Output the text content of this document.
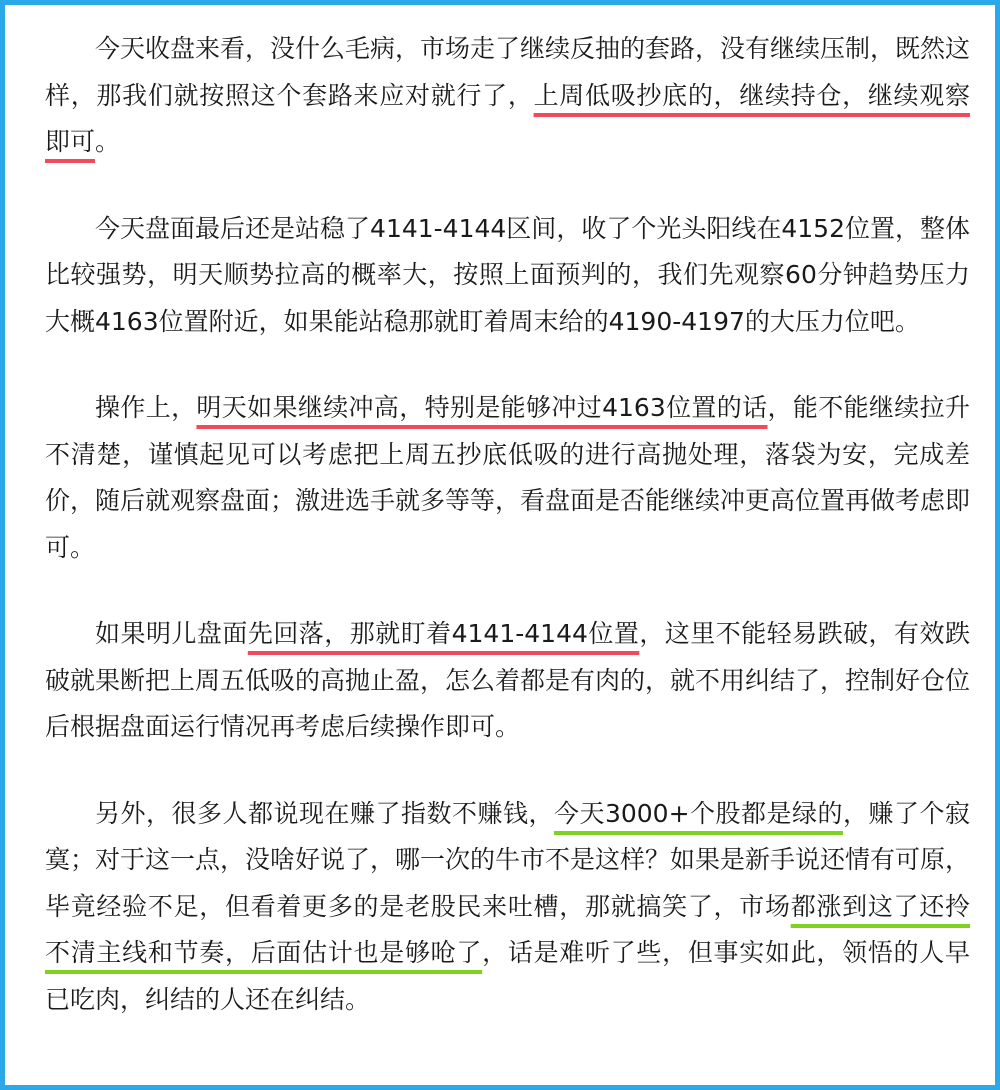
今天收盘来看，没什么毛病，市场走了继续反抽的套路，没有继续压制，既然这样，那我们就按照这个套路来应对就行了，上周低吸抄底的，继续持仓，继续观察即可。

今天盘面最后还是站稳了4141-4144区间，收了个光头阳线在4152位置，整体比较强势，明天顺势拉高的概率大，按照上面预判的，我们先观察60分钟趋势压力大概4163位置附近，如果能站稳那就盯着周末给的4190-4197的大压力位吧。

操作上，明天如果继续冲高，特别是能够冲过4163位置的话，能不能继续拉升不清楚，谨慎起见可以考虑把上周五抄底低吸的进行高抛处理，落袋为安，完成差价，随后就观察盘面；激进选手就多等等，看盘面是否能继续冲更高位置再做考虑即可。

如果明儿盘面先回落，那就盯着4141-4144位置，这里不能轻易跌破，有效跌破就果断把上周五低吸的高抛止盈，怎么着都是有肉的，就不用纠结了，控制好仓位后根据盘面运行情况再考虑后续操作即可。

另外，很多人都说现在赚了指数不赚钱，今天3000+个股都是绿的，赚了个寂寞；对于这一点，没啥好说了，哪一次的牛市不是这样？如果是新手说还情有可原，毕竟经验不足，但看着更多的是老股民来吐槽，那就搞笑了，市场都涨到这了还拎不清主线和节奏，后面估计也是够呛了，话是难听了些，但事实如此，领悟的人早已吃肉，纠结的人还在纠结。
